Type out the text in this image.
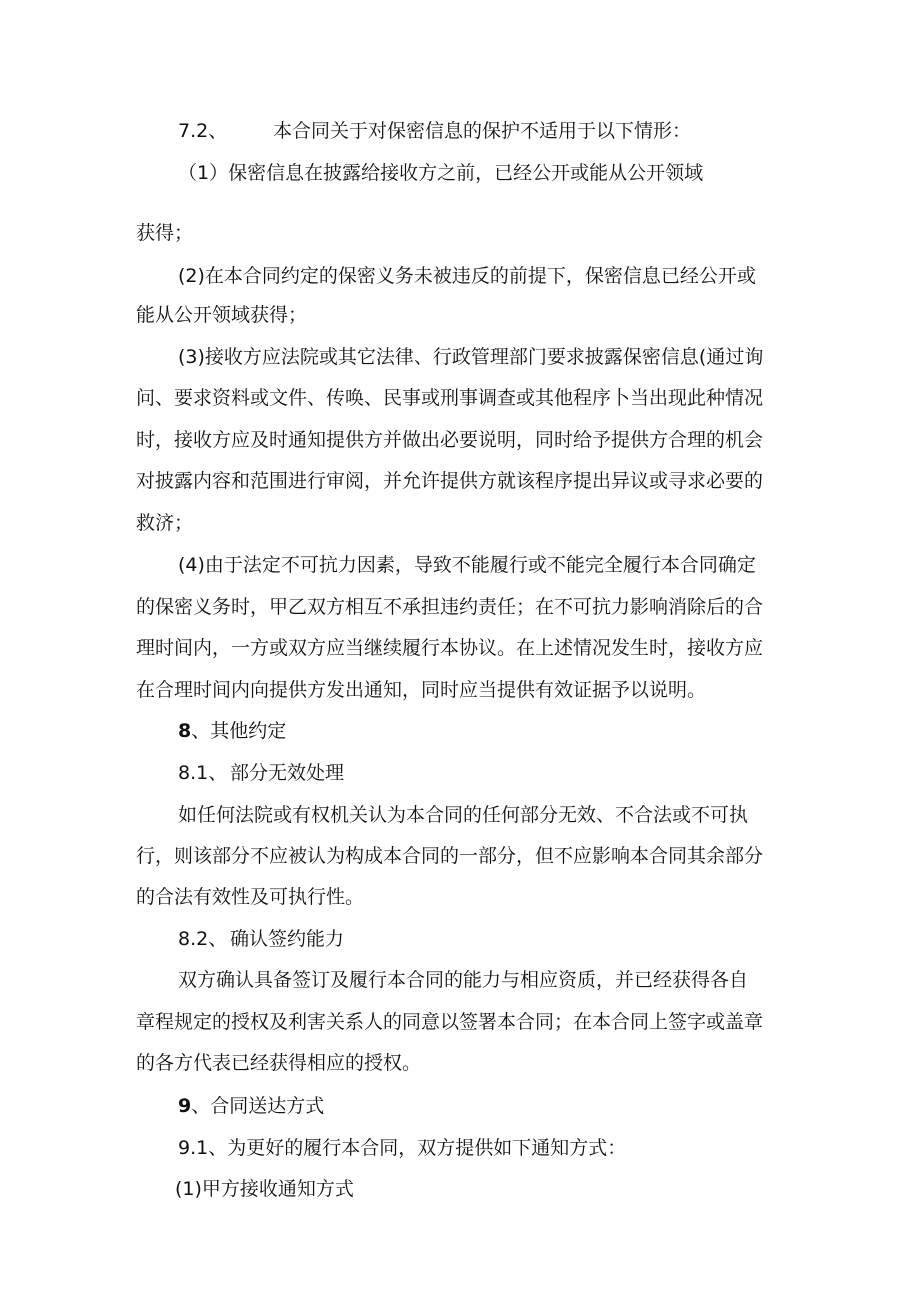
7.2、 本合同关于对保密信息的保护不适用于以下情形：
（1）保密信息在披露给接收方之前，已经公开或能从公开领域
获得；
(2)在本合同约定的保密义务未被违反的前提下，保密信息已经公开或
能从公开领域获得；
(3)接收方应法院或其它法律、行政管理部门要求披露保密信息(通过询
问、要求资料或文件、传唤、民事或刑事调查或其他程序卜当出现此种情况
时，接收方应及时通知提供方并做出必要说明，同时给予提供方合理的机会
对披露内容和范围进行审阅，并允许提供方就该程序提出异议或寻求必要的
救济；
(4)由于法定不可抗力因素，导致不能履行或不能完全履行本合同确定
的保密义务时，甲乙双方相互不承担违约责任；在不可抗力影响消除后的合
理时间内，一方或双方应当继续履行本协议。在上述情况发生时，接收方应
在合理时间内向提供方发出通知，同时应当提供有效证据予以说明。
8、其他约定
8.1、 部分无效处理
如任何法院或有权机关认为本合同的任何部分无效、不合法或不可执
行，则该部分不应被认为构成本合同的一部分，但不应影响本合同其余部分
的合法有效性及可执行性。
8.2、 确认签约能力
双方确认具备签订及履行本合同的能力与相应资质，并已经获得各自
章程规定的授权及利害关系人的同意以签署本合同；在本合同上签字或盖章
的各方代表已经获得相应的授权。
9、合同送达方式
9.1、为更好的履行本合同，双方提供如下通知方式：
(1)甲方接收通知方式
